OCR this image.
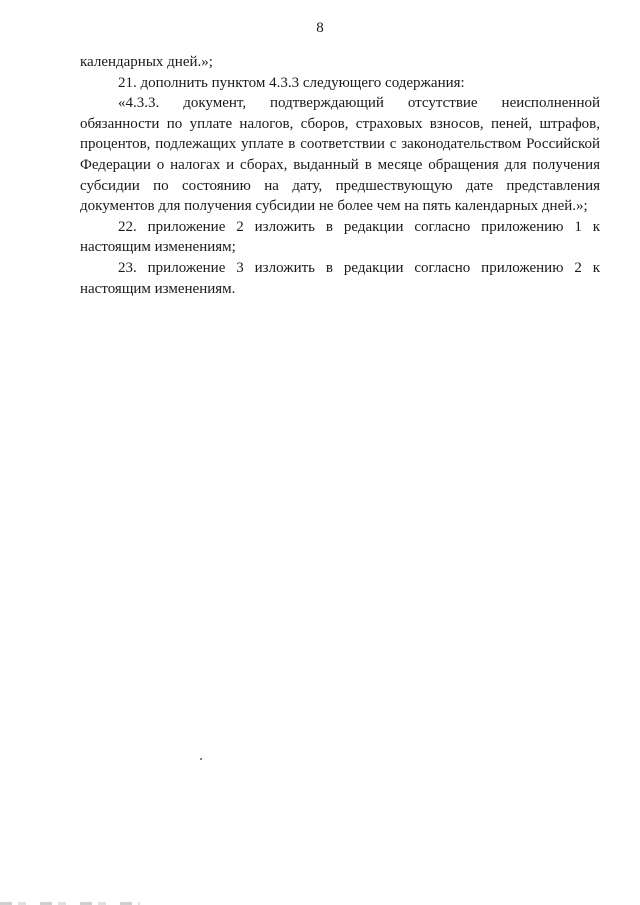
8

календарных дней.»;

21. дополнить пунктом 4.3.3 следующего содержания:

«4.3.3. документ, подтверждающий отсутствие неисполненной обязанности по уплате налогов, сборов, страховых взносов, пеней, штрафов, процентов, подлежащих уплате в соответствии с законодательством Российской Федерации о налогах и сборах, выданный в месяце обращения для получения субсидии по состоянию на дату, предшествующую дате представления документов для получения субсидии не более чем на пять календарных дней.»;

22. приложение 2 изложить в редакции согласно приложению 1 к настоящим изменениям;

23. приложение 3 изложить в редакции согласно приложению 2 к настоящим изменениям.
